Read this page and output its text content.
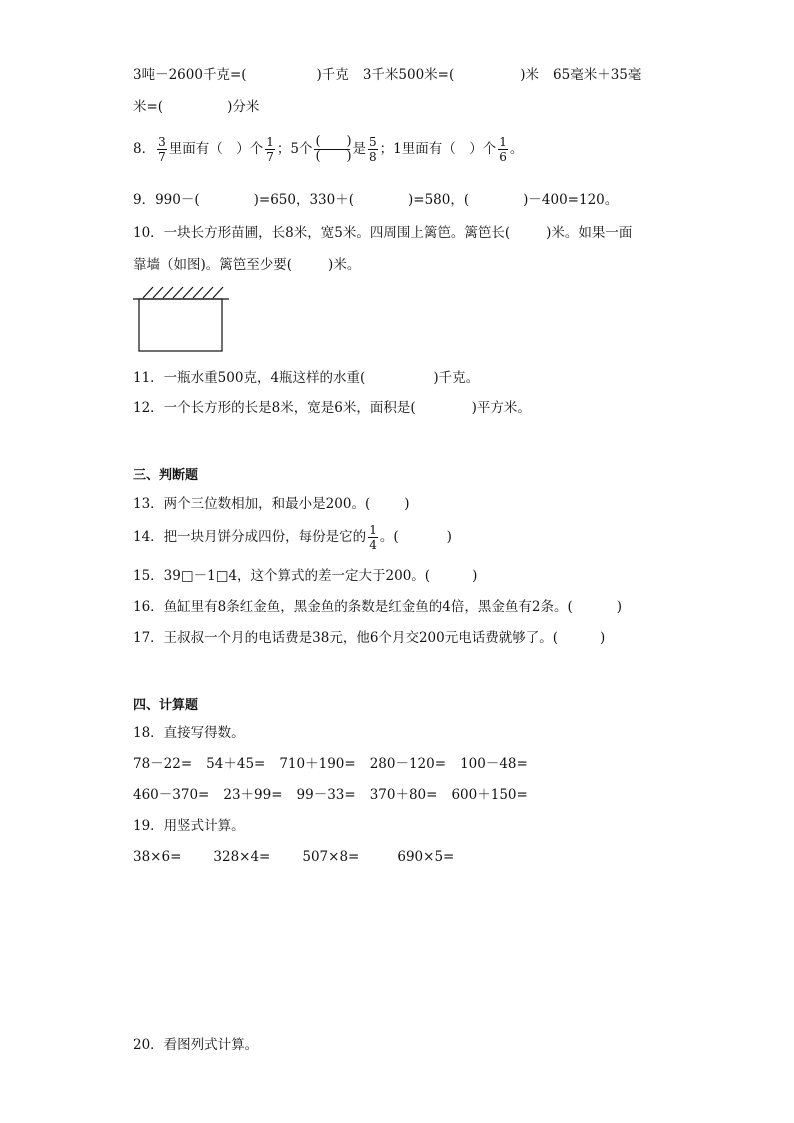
3吨－2600千克=(	)千克 3千米500米=(	)米 65毫米＋35毫
米=(	)分米
8． $\frac{3}{7}$ 里面有（　）个 $\frac{1}{7}$ ；5个 $\frac{( )}{( )}$ 是 $\frac{5}{8}$ ；1里面有（　）个 $\frac{1}{6}$ 。
9．990－(	)=650，330＋(	)=580，(	)－400=120。
10．一块长方形苗圃，长8米，宽5米。四周围上篱笆。篱笆长(	)米。如果一面
靠墙（如图)。篱笆至少要(	)米。
11．一瓶水重500克，4瓶这样的水重(	)千克。
12．一个长方形的长是8米，宽是6米，面积是(	)平方米。
三、判断题
13．两个三位数相加，和最小是200。(	)
14．把一块月饼分成四份，每份是它的 $\frac{1}{4}$ 。(	)
15．39□－1□4，这个算式的差一定大于200。(	)
16．鱼缸里有8条红金鱼，黑金鱼的条数是红金鱼的4倍，黑金鱼有2条。(	)
17．王叔叔一个月的电话费是38元，他6个月交200元电话费就够了。(	)
四、计算题
18．直接写得数。
78－22= 54＋45= 710＋190= 280－120= 100－48=
460－370= 23＋99= 99－33= 370＋80= 600＋150=
19．用竖式计算。
38×6= 328×4= 507×8=	690×5=
20．看图列式计算。
